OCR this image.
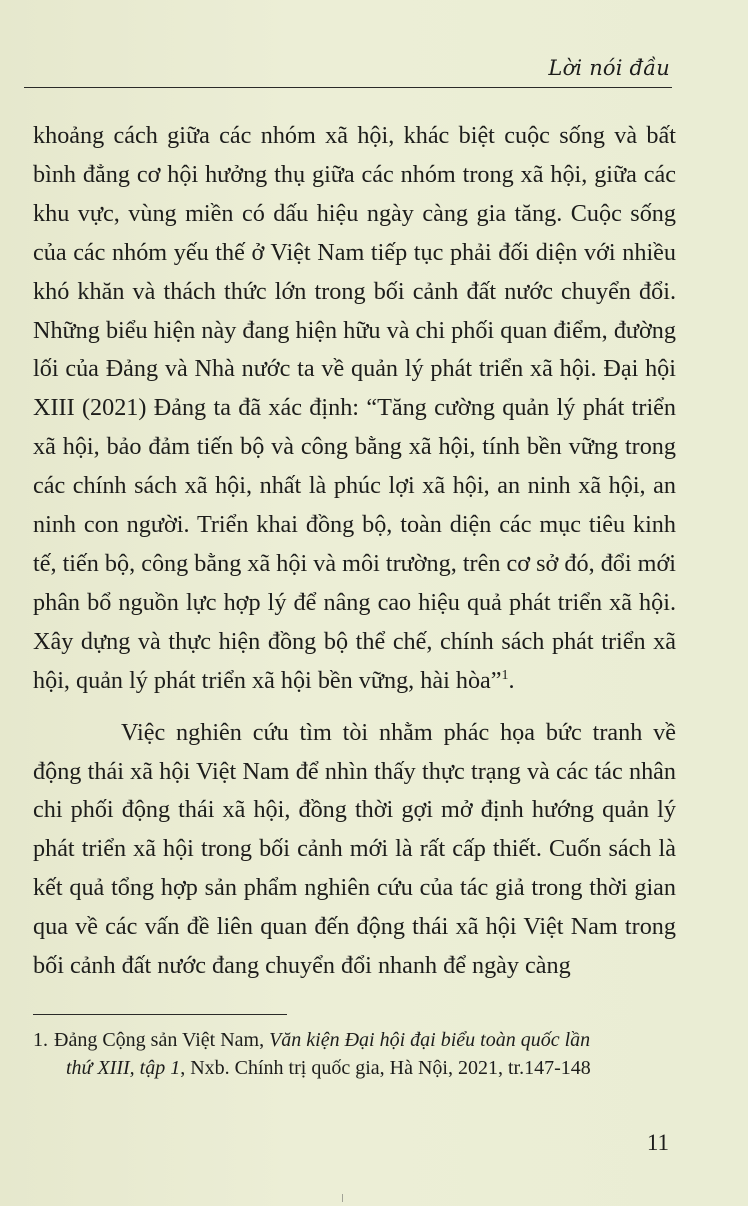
Lời nói đầu

khoảng cách giữa các nhóm xã hội, khác biệt cuộc sống và bất bình đẳng cơ hội hưởng thụ giữa các nhóm trong xã hội, giữa các khu vực, vùng miền có dấu hiệu ngày càng gia tăng. Cuộc sống của các nhóm yếu thế ở Việt Nam tiếp tục phải đối diện với nhiều khó khăn và thách thức lớn trong bối cảnh đất nước chuyển đổi. Những biểu hiện này đang hiện hữu và chi phối quan điểm, đường lối của Đảng và Nhà nước ta về quản lý phát triển xã hội. Đại hội XIII (2021) Đảng ta đã xác định: “Tăng cường quản lý phát triển xã hội, bảo đảm tiến bộ và công bằng xã hội, tính bền vững trong các chính sách xã hội, nhất là phúc lợi xã hội, an ninh xã hội, an ninh con người. Triển khai đồng bộ, toàn diện các mục tiêu kinh tế, tiến bộ, công bằng xã hội và môi trường, trên cơ sở đó, đổi mới phân bổ nguồn lực hợp lý để nâng cao hiệu quả phát triển xã hội. Xây dựng và thực hiện đồng bộ thể chế, chính sách phát triển xã hội, quản lý phát triển xã hội bền vững, hài hòa”$^1$.

Việc nghiên cứu tìm tòi nhằm phác họa bức tranh về động thái xã hội Việt Nam để nhìn thấy thực trạng và các tác nhân chi phối động thái xã hội, đồng thời gợi mở định hướng quản lý phát triển xã hội trong bối cảnh mới là rất cấp thiết. Cuốn sách là kết quả tổng hợp sản phẩm nghiên cứu của tác giả trong thời gian qua về các vấn đề liên quan đến động thái xã hội Việt Nam trong bối cảnh đất nước đang chuyển đổi nhanh để ngày càng

1. Đảng Cộng sản Việt Nam, Văn kiện Đại hội đại biểu toàn quốc lần
thứ XIII, tập 1, Nxb. Chính trị quốc gia, Hà Nội, 2021, tr.147-148
11
